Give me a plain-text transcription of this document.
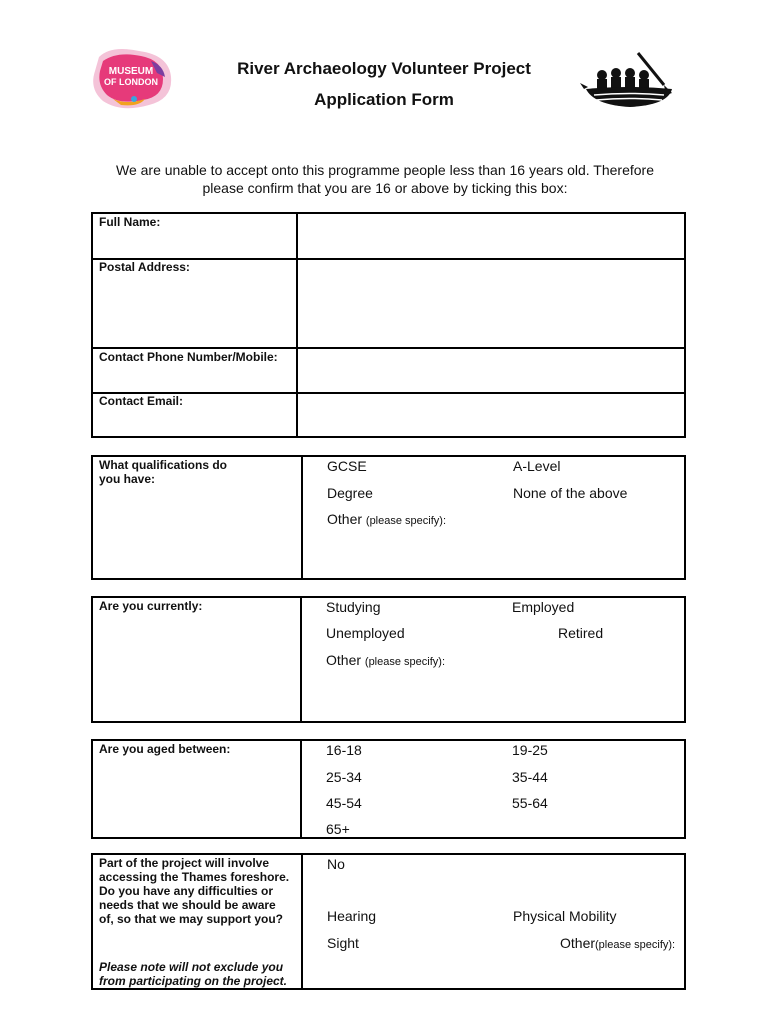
MUSEUM
OF LONDON
River Archaeology Volunteer Project
Application Form
We are unable to accept onto this programme people less than 16 years old. Therefore
please confirm that you are 16 or above by ticking this box:
Full Name:
Postal Address:
Contact Phone Number/Mobile:
Contact Email:
What qualifications do
you have:
GCSE	A-Level
Degree	None of the above
Other (please specify):
Are you currently:	Studying	Employed
Unemployed	Retired
Other (please specify):
Are you aged between:	16-18	19-25
25-34	35-44
45-54	55-64
65+
Part of the project will involve
accessing the Thames foreshore.
Do you have any difficulties or
needs that we should be aware
of, so that we may support you?
Please note will not exclude you
from participating on the project.
No
Hearing	Physical Mobility
Sight	Other(please specify):
